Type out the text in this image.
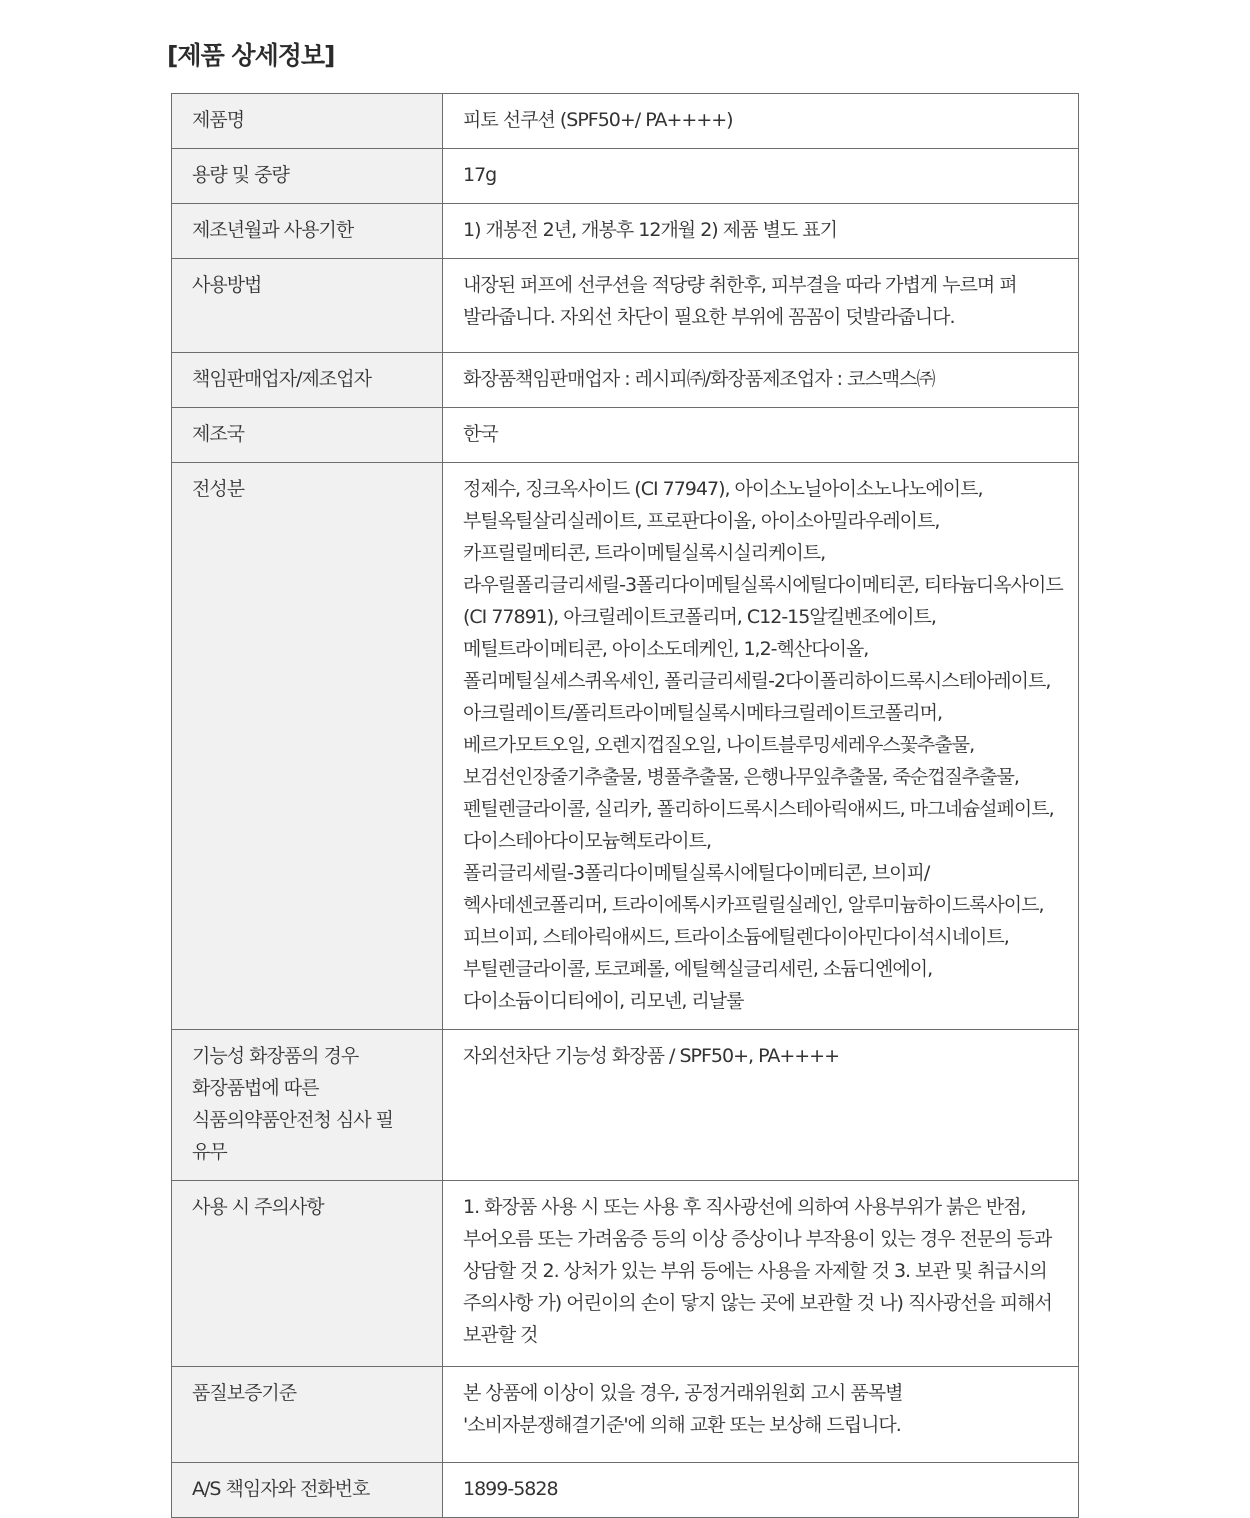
[제품 상세정보]
제품명	피토 선쿠션 (SPF50+/ PA++++)
용량 및 중량	17g
제조년월과 사용기한	1) 개봉전 2년, 개봉후 12개월 2) 제품 별도 표기
사용방법	내장된 퍼프에 선쿠션을 적당량 취한후, 피부결을 따라 가볍게 누르며 펴 발라줍니다. 자외선 차단이 필요한 부위에 꼼꼼이 덧발라줍니다.
책임판매업자/제조업자	화장품책임판매업자 : 레시피㈜/화장품제조업자 : 코스맥스㈜
제조국	한국
전성분	정제수, 징크옥사이드 (CI 77947), 아이소노닐아이소노나노에이트, 부틸옥틸살리실레이트, 프로판다이올, 아이소아밀라우레이트, 카프릴릴메티콘, 트라이메틸실록시실리케이트, 라우릴폴리글리세릴-3폴리다이메틸실록시에틸다이메티콘, 티타늄디옥사이드 (CI 77891), 아크릴레이트코폴리머, C12-15알킬벤조에이트, 메틸트라이메티콘, 아이소도데케인, 1,2-헥산다이올, 폴리메틸실세스퀴옥세인, 폴리글리세릴-2다이폴리하이드록시스테아레이트, 아크릴레이트/폴리트라이메틸실록시메타크릴레이트코폴리머, 베르가모트오일, 오렌지껍질오일, 나이트블루밍세레우스꽃추출물, 보검선인장줄기추출물, 병풀추출물, 은행나무잎추출물, 죽순껍질추출물, 펜틸렌글라이콜, 실리카, 폴리하이드록시스테아릭애씨드, 마그네슘설페이트, 다이스테아다이모늄헥토라이트, 폴리글리세릴-3폴리다이메틸실록시에틸다이메티콘, 브이피/헥사데센코폴리머, 트라이에톡시카프릴릴실레인, 알루미늄하이드록사이드, 피브이피, 스테아릭애씨드, 트라이소듐에틸렌다이아민다이석시네이트, 부틸렌글라이콜, 토코페롤, 에틸헥실글리세린, 소듐디엔에이, 다이소듐이디티에이, 리모넨, 리날룰
기능성 화장품의 경우 화장품법에 따른 식품의약품안전청 심사 필 유무	자외선차단 기능성 화장품 / SPF50+, PA++++
사용 시 주의사항	1. 화장품 사용 시 또는 사용 후 직사광선에 의하여 사용부위가 붉은 반점, 부어오름 또는 가려움증 등의 이상 증상이나 부작용이 있는 경우 전문의 등과 상담할 것 2. 상처가 있는 부위 등에는 사용을 자제할 것 3. 보관 및 취급시의 주의사항 가) 어린이의 손이 닿지 않는 곳에 보관할 것 나) 직사광선을 피해서 보관할 것
품질보증기준	본 상품에 이상이 있을 경우, 공정거래위원회 고시 품목별 '소비자분쟁해결기준'에 의해 교환 또는 보상해 드립니다.
A/S 책임자와 전화번호	1899-5828
